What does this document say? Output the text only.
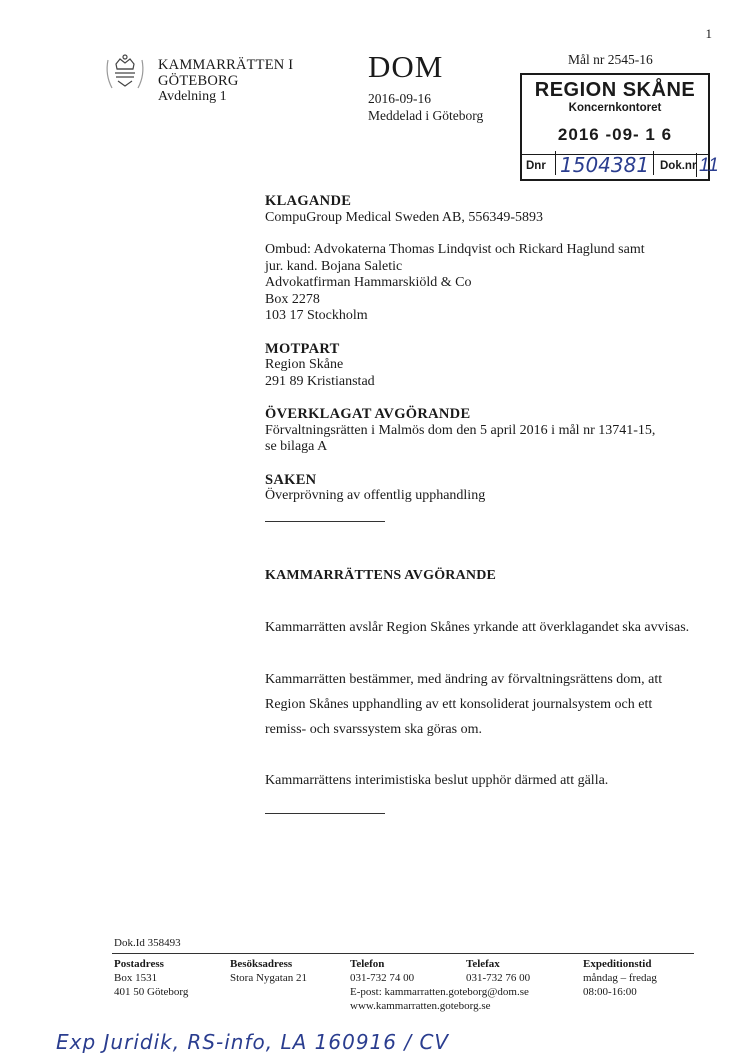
1
KAMMARRÄTTEN I
GÖTEBORG
Avdelning 1
DOM
2016-09-16
Meddelad i Göteborg
Mål nr 2545-16
REGION SKÅNE
Koncernkontoret
2016 -09- 1 6
Dnr 1504381 Dok.nr 11
KLAGANDE
CompuGroup Medical Sweden AB, 556349-5893
Ombud: Advokaterna Thomas Lindqvist och Rickard Haglund samt
jur. kand. Bojana Saletic
Advokatfirman Hammarskiöld & Co
Box 2278
103 17 Stockholm
MOTPART
Region Skåne
291 89 Kristianstad
ÖVERKLAGAT AVGÖRANDE
Förvaltningsrätten i Malmös dom den 5 april 2016 i mål nr 13741-15,
se bilaga A
SAKEN
Överprövning av offentlig upphandling
KAMMARRÄTTENS AVGÖRANDE
Kammarrätten avslår Region Skånes yrkande att överklagandet ska avvisas.
Kammarrätten bestämmer, med ändring av förvaltningsrättens dom, att
Region Skånes upphandling av ett konsoliderat journalsystem och ett
remiss- och svarssystem ska göras om.
Kammarrättens interimistiska beslut upphör därmed att gälla.
Dok.Id 358493
Postadress
Box 1531
401 50 Göteborg
Besöksadress
Stora Nygatan 21
Telefon
031-732 74 00
E-post: kammarratten.goteborg@dom.se
www.kammarratten.goteborg.se
Telefax
031-732 76 00
Expeditionstid
måndag – fredag
08:00-16:00
Exp Juridik, RS-info, LA 160916 / CV
